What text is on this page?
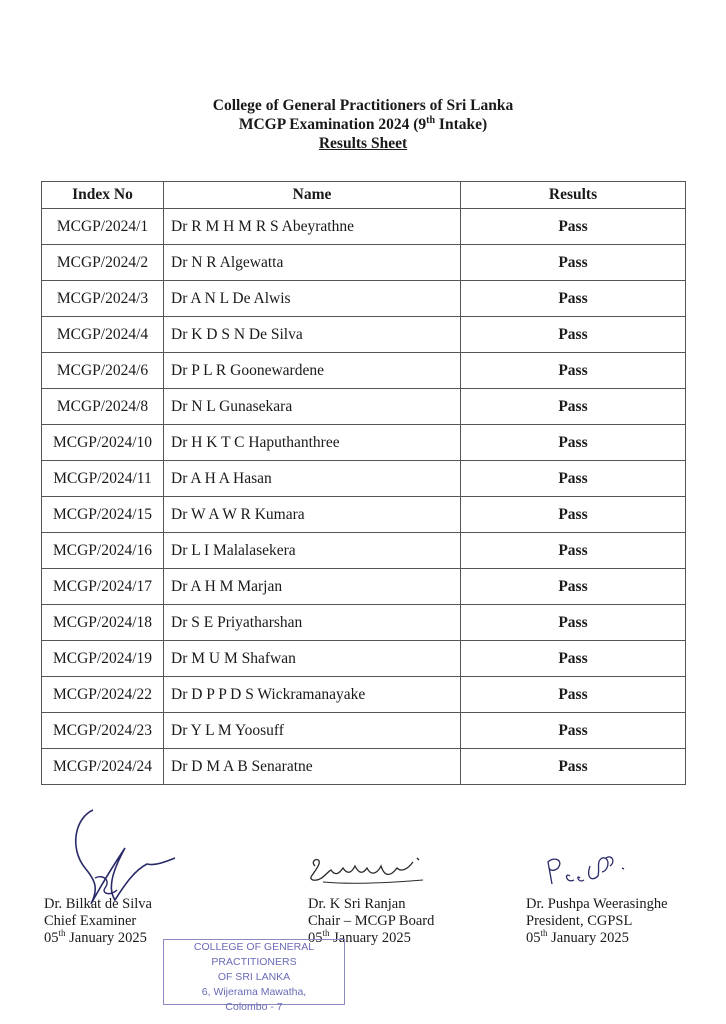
College of General Practitioners of Sri Lanka
MCGP Examination 2024 (9th Intake)
Results Sheet
Index No	Name	Results
MCGP/2024/1	Dr R M H M R S Abeyrathne	Pass
MCGP/2024/2	Dr N R Algewatta	Pass
MCGP/2024/3	Dr A N L De Alwis	Pass
MCGP/2024/4	Dr K D S N De Silva	Pass
MCGP/2024/6	Dr P L R Goonewardene	Pass
MCGP/2024/8	Dr N L Gunasekara	Pass
MCGP/2024/10	Dr H K T C Haputhanthree	Pass
MCGP/2024/11	Dr A H A Hasan	Pass
MCGP/2024/15	Dr W A W R Kumara	Pass
MCGP/2024/16	Dr L I Malalasekera	Pass
MCGP/2024/17	Dr A H M Marjan	Pass
MCGP/2024/18	Dr S E Priyatharshan	Pass
MCGP/2024/19	Dr M U M Shafwan	Pass
MCGP/2024/22	Dr D P P D S Wickramanayake	Pass
MCGP/2024/23	Dr Y L M Yoosuff	Pass
MCGP/2024/24	Dr D M A B Senaratne	Pass
Dr. Bilkat de Silva
Chief Examiner
05th January 2025
Dr. K Sri Ranjan
Chair – MCGP Board
05th January 2025
Dr. Pushpa Weerasinghe
President, CGPSL
05th January 2025
COLLEGE OF GENERAL PRACTITIONERS
OF SRI LANKA
6, Wijerama Mawatha,
Colombo - 7
